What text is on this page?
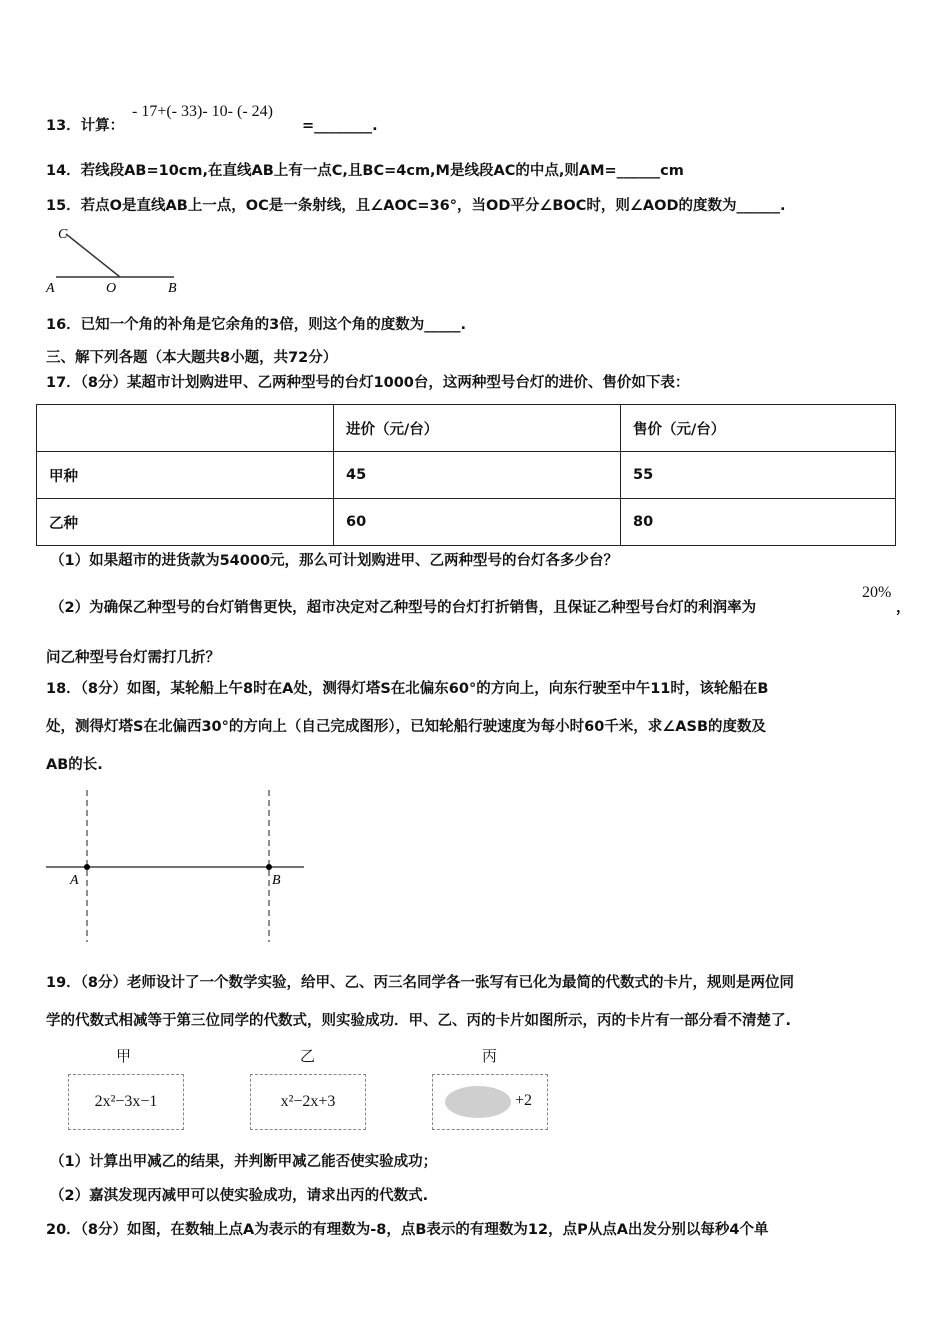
13．计算：
- 17+(- 33)- 10- (- 24)
=________.
14．若线段AB=10cm,在直线AB上有一点C,且BC=4cm,M是线段AC的中点,则AM=______cm
15．若点O是直线AB上一点，OC是一条射线，且∠AOC=36°，当OD平分∠BOC时，则∠AOD的度数为______.
C
A	O	B
16．已知一个角的补角是它余角的3倍，则这个角的度数为_____.
三、解下列各题（本大题共8小题，共72分）
17．（8分）某超市计划购进甲、乙两种型号的台灯1000台，这两种型号台灯的进价、售价如下表：
	进价（元/台）	售价（元/台）
甲种	45	55
乙种	60	80
（1）如果超市的进货款为54000元，那么可计划购进甲、乙两种型号的台灯各多少台？
（2）为确保乙种型号的台灯销售更快，超市决定对乙种型号的台灯打折销售，且保证乙种型号台灯的利润率为
20%
，
问乙种型号台灯需打几折？
18．（8分）如图，某轮船上午8时在A处，测得灯塔S在北偏东60°的方向上，向东行驶至中午11时，该轮船在B
处，测得灯塔S在北偏西30°的方向上（自己完成图形），已知轮船行驶速度为每小时60千米，求∠ASB的度数及
AB的长.
A	B
19．（8分）老师设计了一个数学实验，给甲、乙、丙三名同学各一张写有已化为最简的代数式的卡片，规则是两位同
学的代数式相减等于第三位同学的代数式，则实验成功．甲、乙、丙的卡片如图所示，丙的卡片有一部分看不清楚了.
甲
2x²−3x−1
乙
x²−2x+3
丙
+2
（1）计算出甲减乙的结果，并判断甲减乙能否使实验成功；
（2）嘉淇发现丙减甲可以使实验成功，请求出丙的代数式.
20．（8分）如图，在数轴上点A为表示的有理数为-8，点B表示的有理数为12，点P从点A出发分别以每秒4个单
